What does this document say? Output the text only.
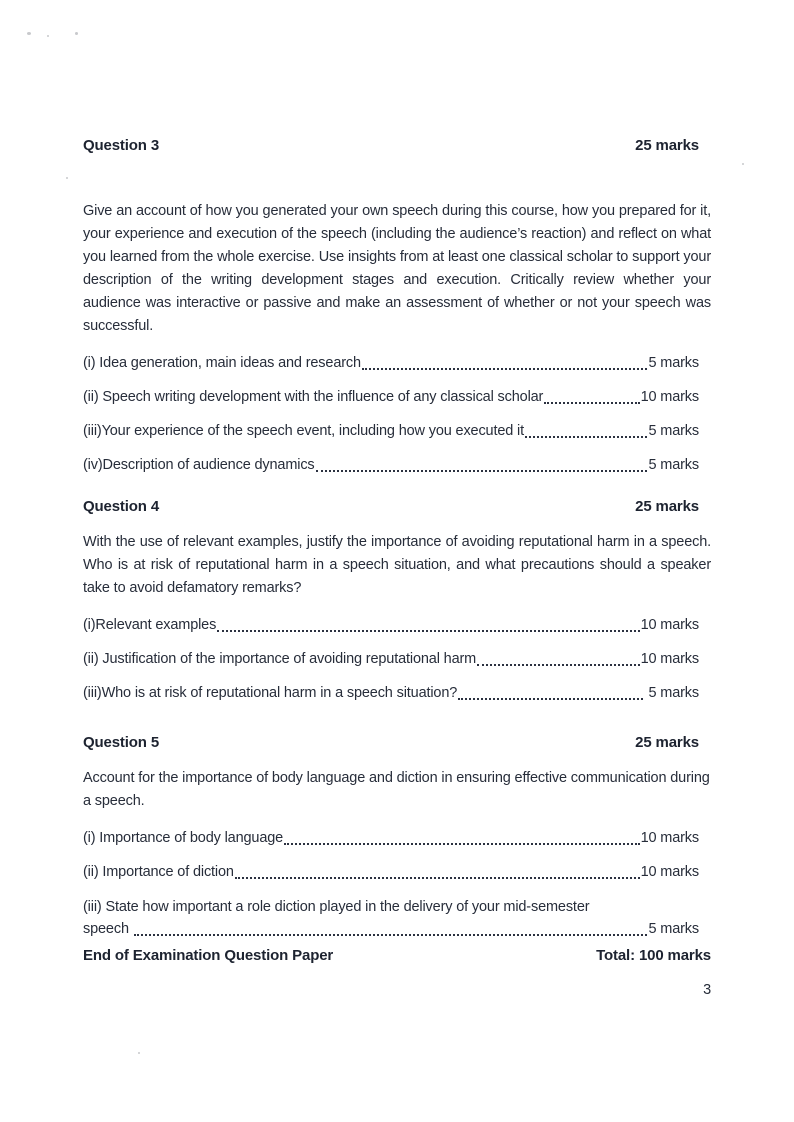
Question 3	25 marks

Give an account of how you generated your own speech during this course, how you prepared for it, your experience and execution of the speech (including the audience’s reaction) and reflect on what you learned from the whole exercise. Use insights from at least one classical scholar to support your description of the writing development stages and execution. Critically review whether your audience was interactive or passive and make an assessment of whether or not your speech was successful.

(i) Idea generation, main ideas and research	5 marks
(ii) Speech writing development with the influence of any classical scholar	10 marks
(iii)Your experience of the speech event, including how you executed it	5 marks
(iv)Description of audience dynamics	5 marks
Question 4	25 marks

With the use of relevant examples, justify the importance of avoiding reputational harm in a speech. Who is at risk of reputational harm in a speech situation, and what precautions should a speaker take to avoid defamatory remarks?

(i)Relevant examples	10 marks
(ii) Justification of the importance of avoiding reputational harm	10 marks
(iii)Who is at risk of reputational harm in a speech situation?	5 marks
Question 5	25 marks

Account for the importance of body language and diction in ensuring effective communication during a speech.

(i) Importance of body language	10 marks
(ii) Importance of diction	10 marks
(iii) State how important a role diction played in the delivery of your mid-semester
speech	5 marks
End of Examination Question Paper	Total: 100 marks
3
